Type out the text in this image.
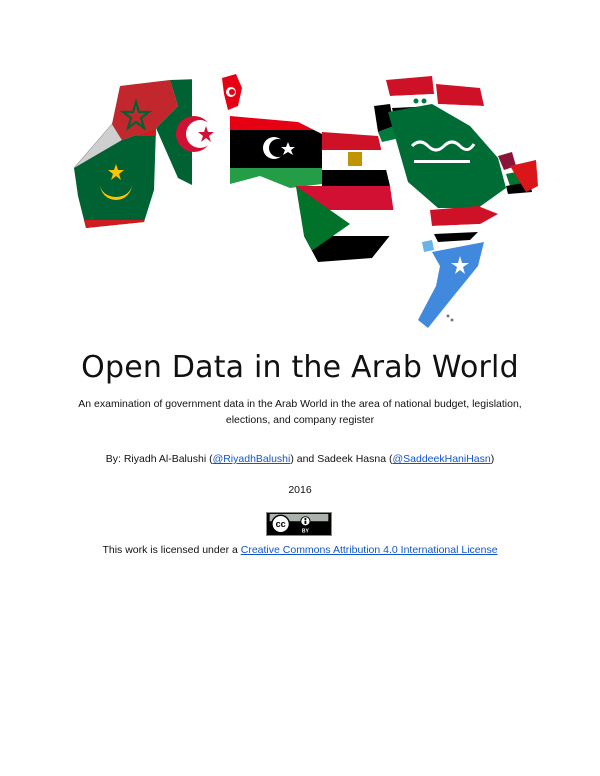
Open Data in the Arab World

An examination of government data in the Arab World in the area of national budget, legislation, elections, and company register

By: Riyadh Al-Balushi (@RiyadhBalushi) and Sadeek Hasna (@SaddeekHaniHasn)
2016
cc
BY
This work is licensed under a Creative Commons Attribution 4.0 International License
